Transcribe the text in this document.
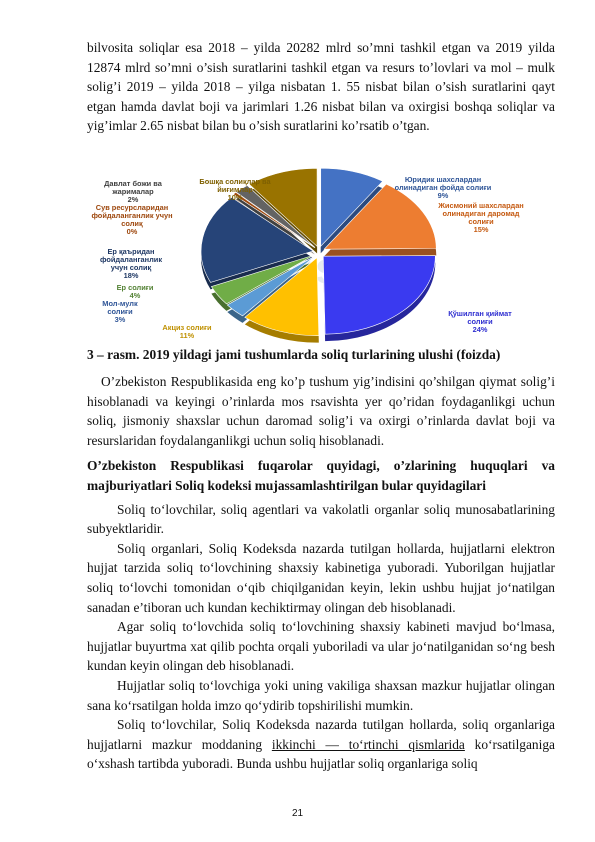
bilvosita soliqlar esa 2018 – yilda 20282 mlrd so’mni tashkil etgan va 2019 yilda 12874 mlrd so’mni o’sish suratlarini tashkil etgan va resurs to’lovlari va mol – mulk solig’i 2019 – yilda 2018 – yilga nisbatan 1. 55 nisbat bilan o’sish suratlarini qayt etgan hamda davlat boji va jarimlari 1.26 nisbat bilan va oxirgisi boshqa soliqlar va yig’imlar 2.65 nisbat bilan bu o’sish suratlarini ko’rsatib o’tgan.

Юридик шахслардан олинадиган фойда солиғи
9%
Жисмоний шахслардан олинадиган даромад солиғи
15%
Қўшилган қиймат солиғи
24%
Акциз солиғи
11%
Мол-мулк солиғи
3%
Ер солиғи
4%
Ер қаъридан фойдаланганлик учун солиқ
18%
Сув ресурсларидан фойдаланганлик учун солиқ
0%
Давлат божи ва жарималар
2%
Бошқа солиқлар ва йиғимлар
10%
3 – rasm. 2019 yildagi jami tushumlarda soliq turlarining ulushi (foizda)

O’zbekiston Respublikasida eng ko’p tushum yig’indisini qo’shilgan qiymat solig’i hisoblanadi va keyingi o’rinlarda mos rsavishta yer qo’ridan foydaganlikgi uchun soliq, jismoniy shaxslar uchun daromad solig’i va oxirgi o’rinlarda davlat boji va resurslaridan foydalanganlikgi uchun soliq hisoblanadi.

O’zbekiston Respublikasi fuqarolar quyidagi, o’zlarining huquqlari va majburiyatlari Soliq kodeksi mujassamlashtirilgan bular quyidagilari

Soliq to‘lovchilar, soliq agentlari va vakolatli organlar soliq munosabatlarining subyektlaridir.

Soliq organlari, Soliq Kodeksda nazarda tutilgan hollarda, hujjatlarni elektron hujjat tarzida soliq to‘lovchining shaxsiy kabinetiga yuboradi. Yuborilgan hujjatlar soliq to‘lovchi tomonidan o‘qib chiqilganidan keyin, lekin ushbu hujjat jo‘natilgan sanadan e’tiboran uch kundan kechiktirmay olingan deb hisoblanadi.

Agar soliq to‘lovchida soliq to‘lovchining shaxsiy kabineti mavjud bo‘lmasa, hujjatlar buyurtma xat qilib pochta orqali yuboriladi va ular jo‘natilganidan so‘ng besh kundan keyin olingan deb hisoblanadi.

Hujjatlar soliq to‘lovchiga yoki uning vakiliga shaxsan mazkur hujjatlar olingan sana ko‘rsatilgan holda imzo qo‘ydirib topshirilishi mumkin.

Soliq to‘lovchilar, Soliq Kodeksda nazarda tutilgan hollarda, soliq organlariga hujjatlarni mazkur moddaning ikkinchi — to‘rtinchi qismlarida ko‘rsatilganiga o‘xshash tartibda yuboradi. Bunda ushbu hujjatlar soliq organlariga soliq

21
